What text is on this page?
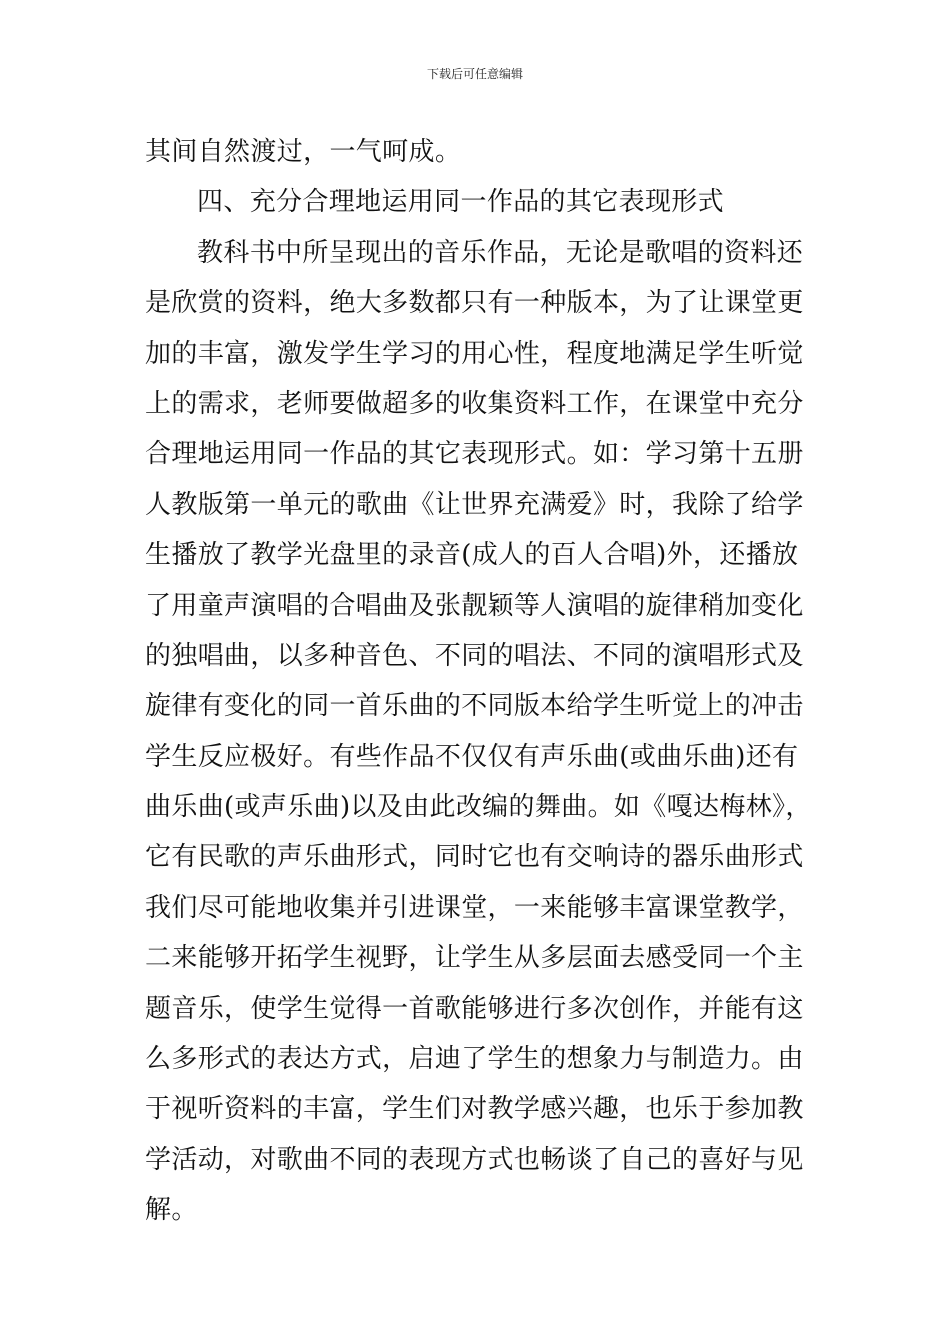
下载后可任意编辑
其间自然渡过，一气呵成。
四、充分合理地运用同一作品的其它表现形式
教科书中所呈现出的音乐作品，无论是歌唱的资料还
是欣赏的资料，绝大多数都只有一种版本，为了让课堂更
加的丰富，激发学生学习的用心性，程度地满足学生听觉
上的需求，老师要做超多的收集资料工作，在课堂中充分
合理地运用同一作品的其它表现形式。如：学习第十五册
人教版第一单元的歌曲《让世界充满爱》时，我除了给学
生播放了教学光盘里的录音(成人的百人合唱)外，还播放
了用童声演唱的合唱曲及张靓颖等人演唱的旋律稍加变化
的独唱曲，以多种音色、不同的唱法、不同的演唱形式及
旋律有变化的同一首乐曲的不同版本给学生听觉上的冲击
学生反应极好。有些作品不仅仅有声乐曲(或曲乐曲)还有
曲乐曲(或声乐曲)以及由此改编的舞曲。如《嘎达梅林》，
它有民歌的声乐曲形式，同时它也有交响诗的器乐曲形式
我们尽可能地收集并引进课堂，一来能够丰富课堂教学，
二来能够开拓学生视野，让学生从多层面去感受同一个主
题音乐，使学生觉得一首歌能够进行多次创作，并能有这
么多形式的表达方式，启迪了学生的想象力与制造力。由
于视听资料的丰富，学生们对教学感兴趣，也乐于参加教
学活动，对歌曲不同的表现方式也畅谈了自己的喜好与见
解。
